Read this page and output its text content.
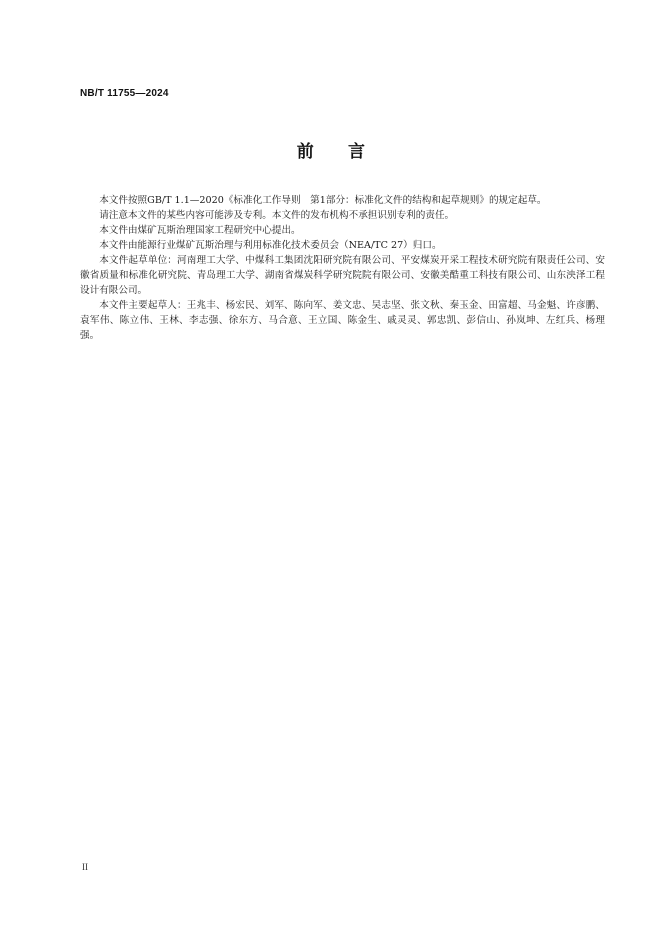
NB/T 11755—2024
前 言

本文件按照GB/T 1.1—2020《标准化工作导则　第1部分：标准化文件的结构和起草规则》的规定起草。

请注意本文件的某些内容可能涉及专利。本文件的发布机构不承担识别专利的责任。

本文件由煤矿瓦斯治理国家工程研究中心提出。

本文件由能源行业煤矿瓦斯治理与利用标准化技术委员会（NEA/TC 27）归口。

本文件起草单位：河南理工大学、中煤科工集团沈阳研究院有限公司、平安煤炭开采工程技术研究院有限责任公司、安徽省质量和标准化研究院、青岛理工大学、湖南省煤炭科学研究院院有限公司、安徽美酷重工科技有限公司、山东泱泽工程设计有限公司。

本文件主要起草人：王兆丰、杨宏民、刘军、陈向军、姜文忠、吴志坚、张文秋、秦玉金、田富超、马金魁、许彦鹏、袁军伟、陈立伟、王林、李志强、徐东方、马合意、王立国、陈金生、戚灵灵、郭忠凯、彭信山、孙岚坤、左红兵、杨理强。

II
